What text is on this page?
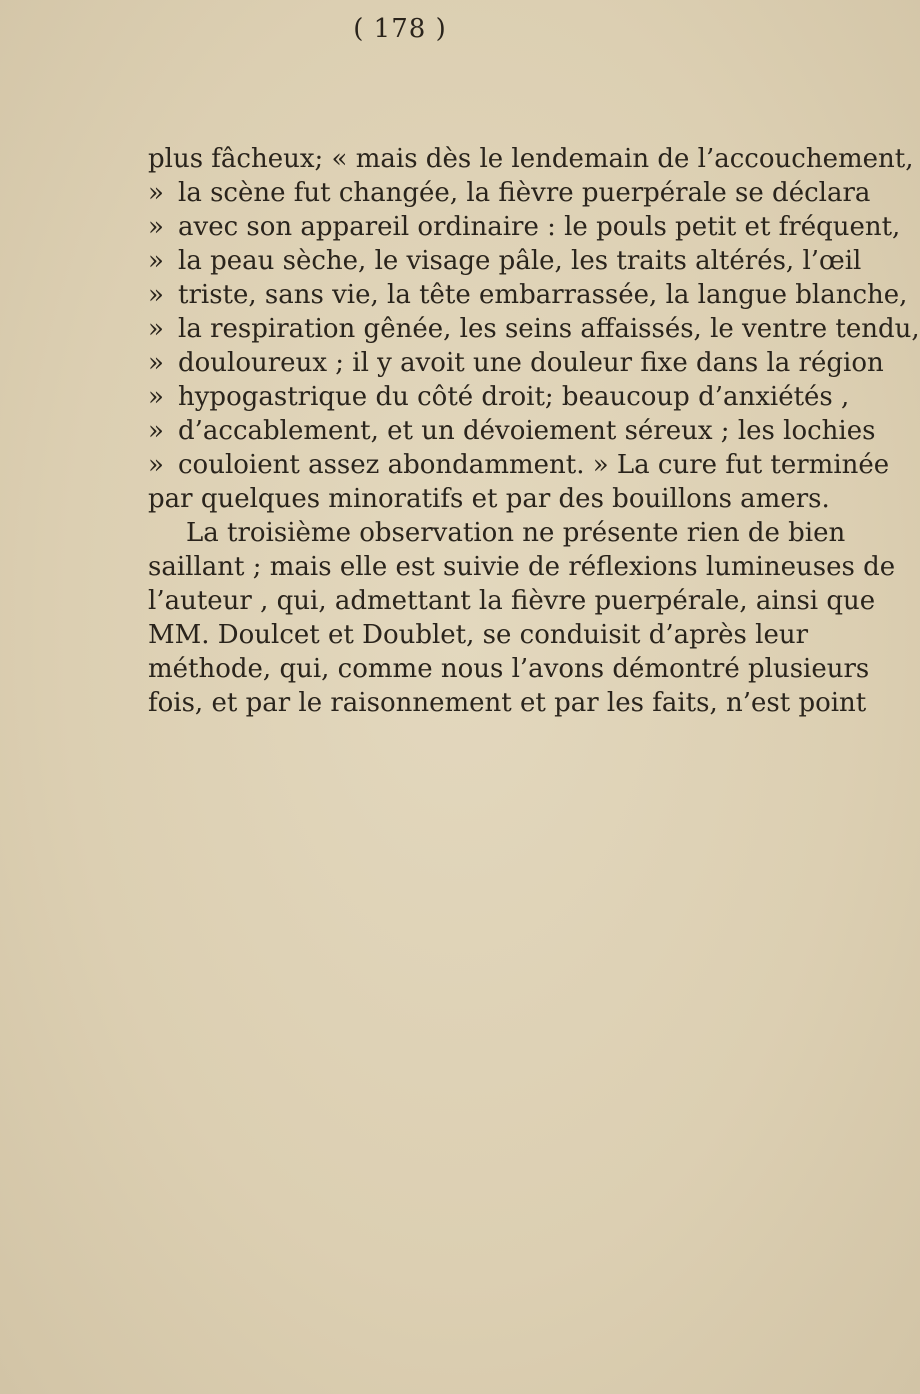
( 178 )
plus fâcheux; « mais dès le lendemain de l’accouchement,
» la scène fut changée, la fièvre puerpérale se déclara
» avec son appareil ordinaire : le pouls petit et fréquent,
» la peau sèche, le visage pâle, les traits altérés, l’œil
» triste, sans vie, la tête embarrassée, la langue blanche,
» la respiration gênée, les seins affaissés, le ventre tendu,
» douloureux ; il y avoit une douleur fixe dans la région
» hypogastrique du côté droit; beaucoup d’anxiétés ,
» d’accablement, et un dévoiement séreux ; les lochies
» couloient assez abondamment. » La cure fut terminée
par quelques minoratifs et par des bouillons amers.
La troisième observation ne présente rien de bien
saillant ; mais elle est suivie de réflexions lumineuses de
l’auteur , qui, admettant la fièvre puerpérale, ainsi que
MM. Doulcet et Doublet, se conduisit d’après leur
méthode, qui, comme nous l’avons démontré plusieurs
fois, et par le raisonnement et par les faits, n’est point
